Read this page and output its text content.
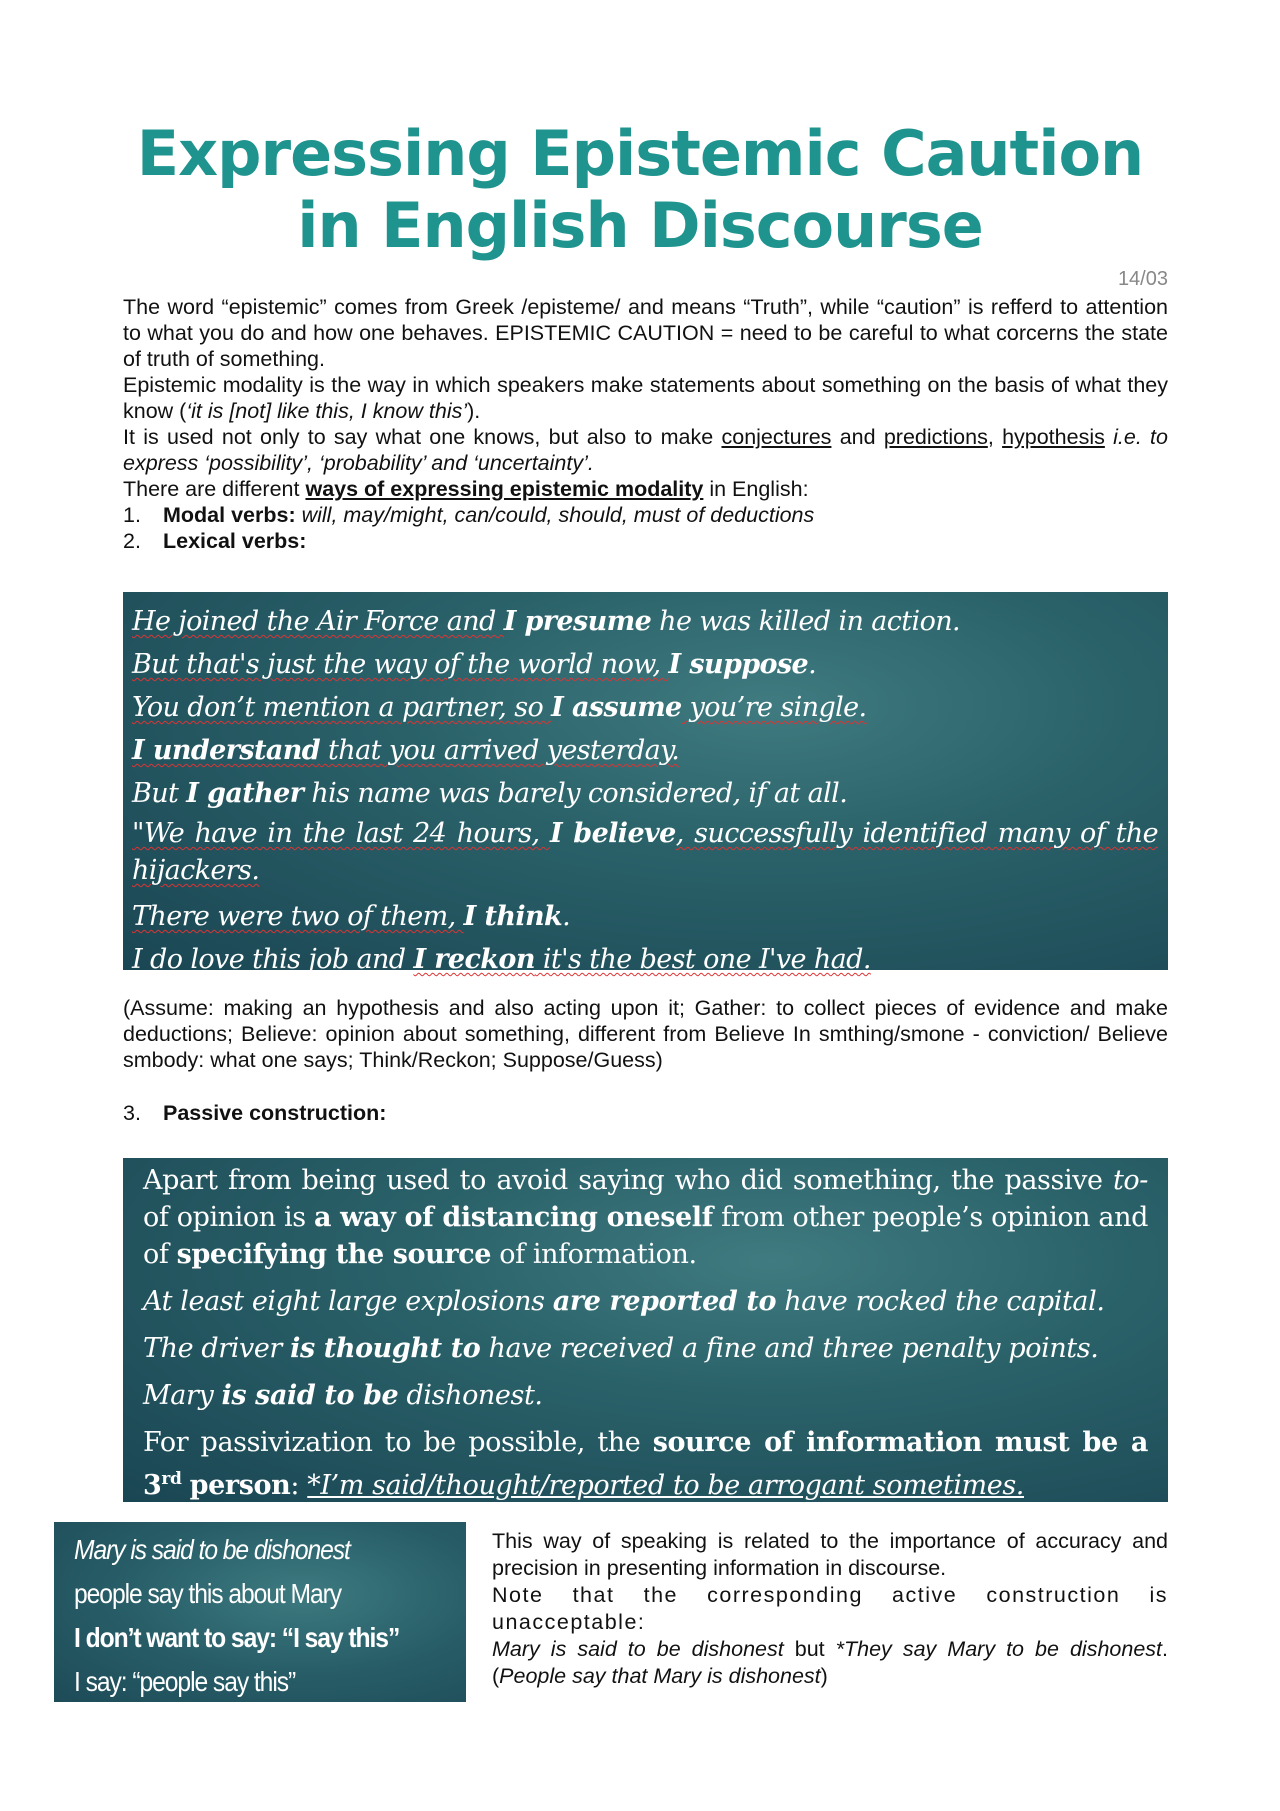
Expressing Epistemic Caution
in English Discourse
14/03

The word “epistemic” comes from Greek /episteme/ and means “Truth”, while “caution” is refferd to attention to what you do and how one behaves. EPISTEMIC CAUTION = need to be careful to what corcerns the state of truth of something.

Epistemic modality is the way in which speakers make statements about something on the basis of what they know (‘it is [not] like this, I know this’).

It is used not only to say what one knows, but also to make conjectures and predictions, hypothesis i.e. to express ‘possibility’, ‘probability’ and ‘uncertainty’.

There are different ways of expressing epistemic modality in English:

1. Modal verbs: will, may/might, can/could, should, must of deductions
2. Lexical verbs:
He joined the Air Force and I presume he was killed in action.
But that's just the way of the world now, I suppose.
You don’t mention a partner, so I assume you’re single.
I understand that you arrived yesterday.
But I gather his name was barely considered, if at all.
"We have in the last 24 hours, I believe, successfully identified many of the hijackers.
There were two of them, I think.
I do love this job and I reckon it's the best one I've had.
(Assume: making an hypothesis and also acting upon it; Gather: to collect pieces of evidence and make deductions; Believe: opinion about something, different from Believe In smthing/smone - conviction/ Believe smbody: what one says; Think/Reckon; Suppose/Guess)
3. Passive construction:
Apart from being used to avoid saying who did something, the passive to- of opinion is a way of distancing oneself from other people’s opinion and of specifying the source of information.
At least eight large explosions are reported to have rocked the capital.
The driver is thought to have received a fine and three penalty points.
Mary is said to be dishonest.
For passivization to be possible, the source of information must be a 3rd person: *I’m said/thought/reported to be arrogant sometimes.
Mary is said to be dishonest
people say this about Mary
I don’t want to say: “I say this”
I say: “people say this”

This way of speaking is related to the importance of accuracy and precision in presenting information in discourse.

Note that the corresponding active construction is unacceptable:

Mary is said to be dishonest but *They say Mary to be dishonest. (People say that Mary is dishonest)
